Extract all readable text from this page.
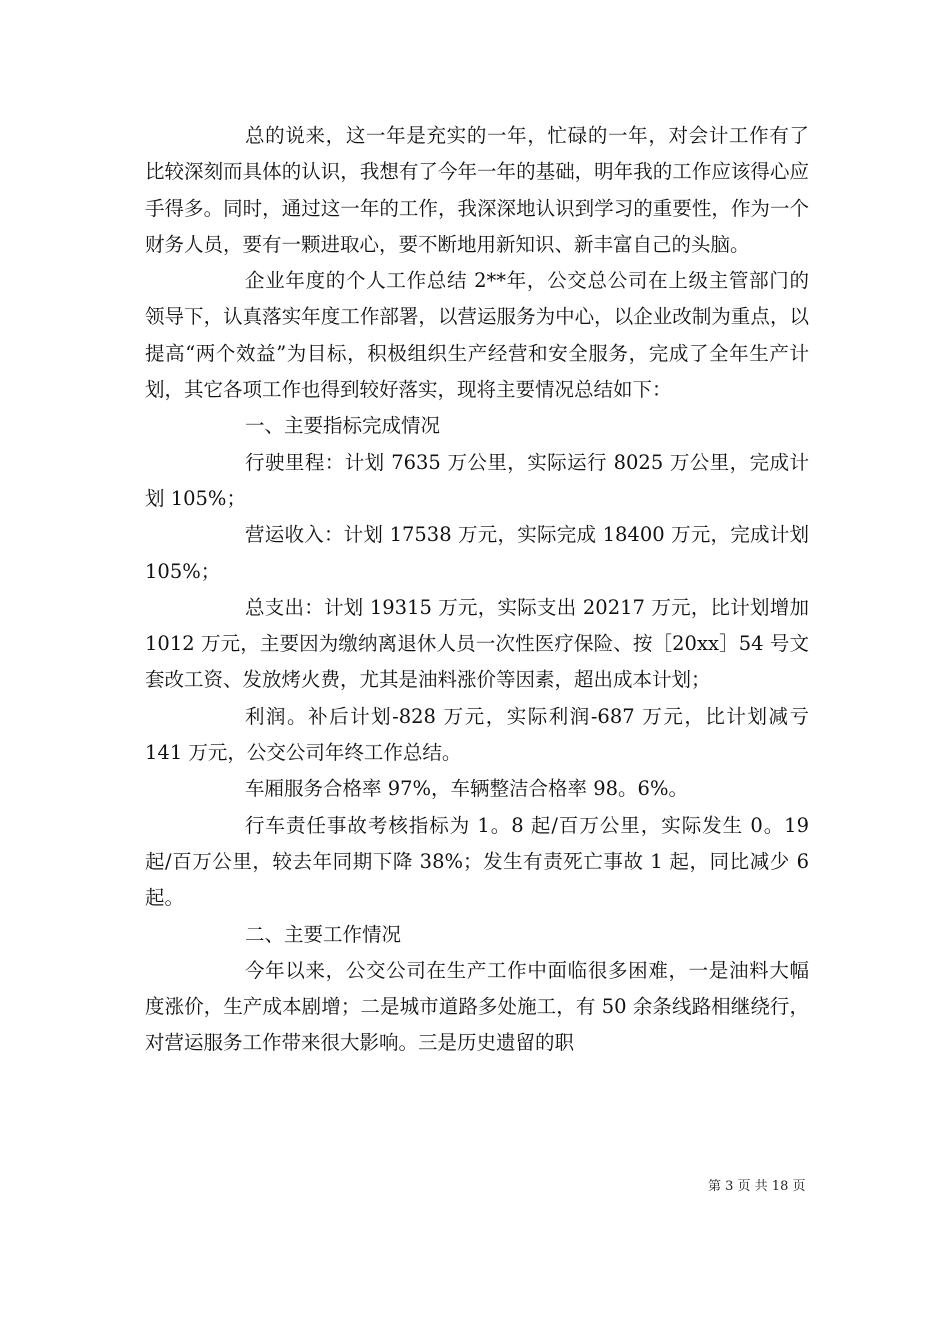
总的说来，这一年是充实的一年，忙碌的一年，对会计工作有了比较深刻而具体的认识，我想有了今年一年的基础，明年我的工作应该得心应手得多。同时，通过这一年的工作，我深深地认识到学习的重要性，作为一个财务人员，要有一颗进取心，要不断地用新知识、新丰富自己的头脑。

企业年度的个人工作总结 2**年，公交总公司在上级主管部门的领导下，认真落实年度工作部署，以营运服务为中心，以企业改制为重点，以提高“两个效益”为目标，积极组织生产经营和安全服务，完成了全年生产计划，其它各项工作也得到较好落实，现将主要情况总结如下：

一、主要指标完成情况

行驶里程：计划 7635 万公里，实际运行 8025 万公里，完成计划 105%；

营运收入：计划 17538 万元，实际完成 18400 万元，完成计划 105%；

总支出：计划 19315 万元，实际支出 20217 万元，比计划增加 1012 万元，主要因为缴纳离退休人员一次性医疗保险、按［20xx］54 号文套改工资、发放烤火费，尤其是油料涨价等因素，超出成本计划；

利润。补后计划-828 万元，实际利润-687 万元，比计划减亏 141 万元，公交公司年终工作总结。

车厢服务合格率 97%，车辆整洁合格率 98。6%。

行车责任事故考核指标为 1。8 起/百万公里，实际发生 0。19 起/百万公里，较去年同期下降 38%；发生有责死亡事故 1 起，同比减少 6 起。

二、主要工作情况

今年以来，公交公司在生产工作中面临很多困难，一是油料大幅度涨价，生产成本剧增；二是城市道路多处施工，有 50 余条线路相继绕行，对营运服务工作带来很大影响。三是历史遗留的职

第 3 页 共 18 页
